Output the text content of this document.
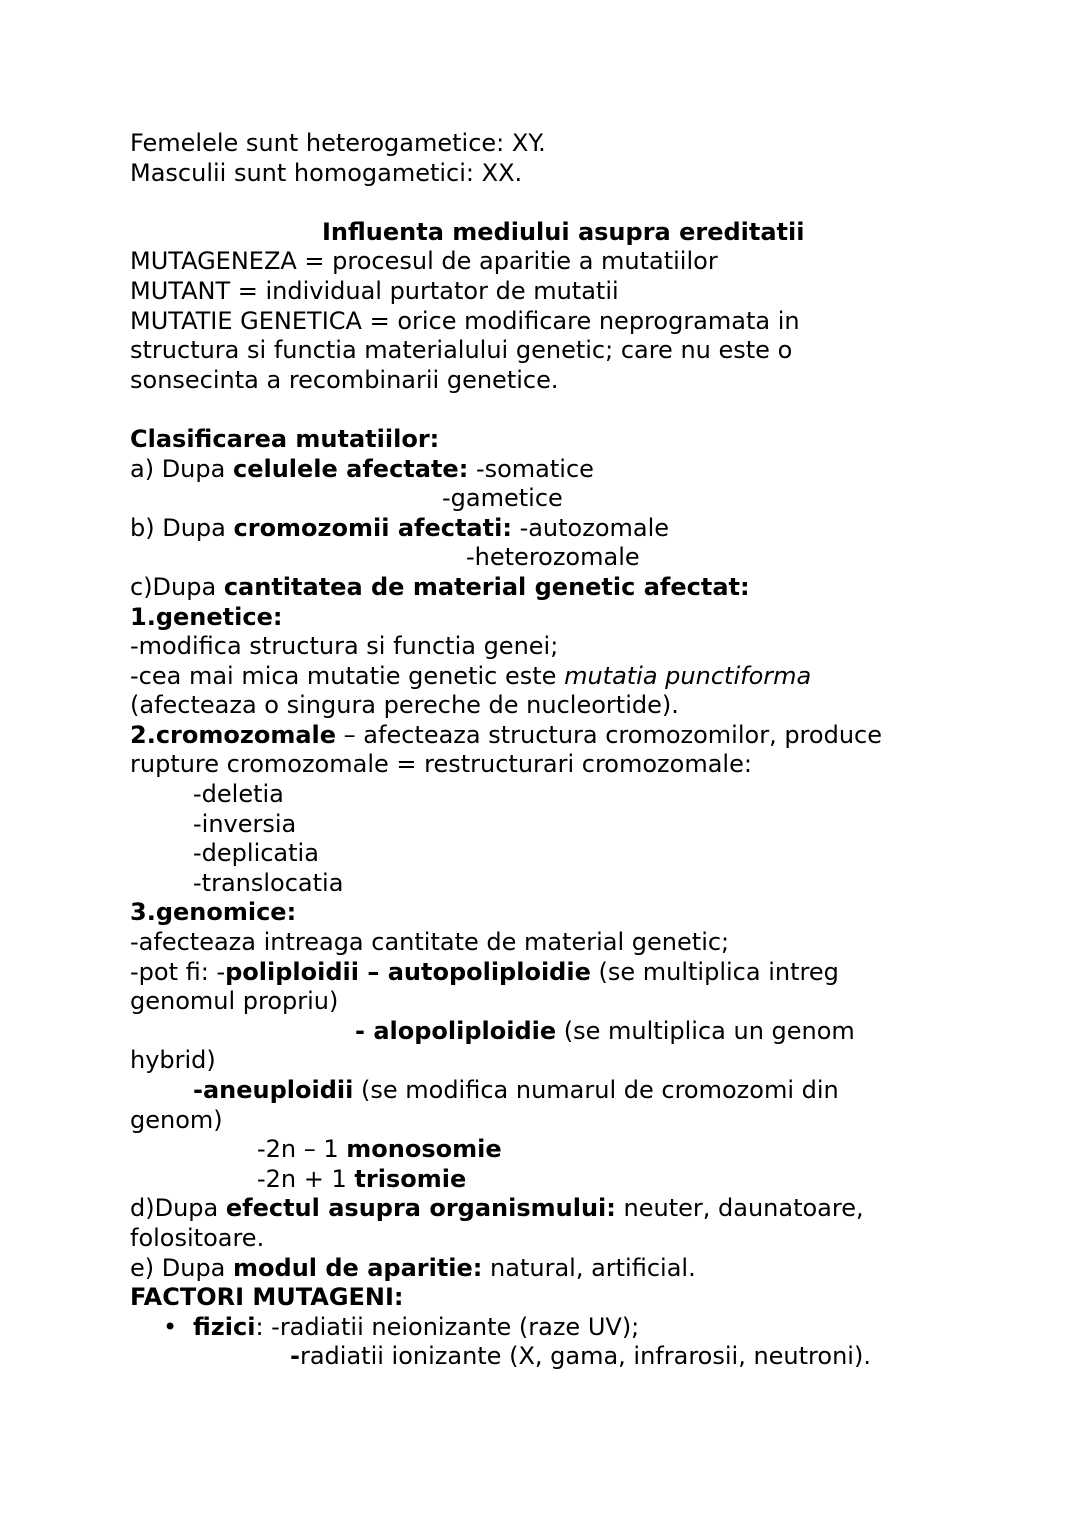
Femelele sunt heterogametice: XY.
Masculii sunt homogametici: XX.
Influenta mediului asupra ereditatii
MUTAGENEZA = procesul de aparitie a mutatiilor
MUTANT = individual purtator de mutatii
MUTATIE GENETICA = orice modificare neprogramata in
structura si functia materialului genetic; care nu este o
sonsecinta a recombinarii genetice.
Clasificarea mutatiilor:
a) Dupa celulele afectate: -somatice
-gametice
b) Dupa cromozomii afectati: -autozomale
-heterozomale
c)Dupa cantitatea de material genetic afectat:
1.genetice:
-modifica structura si functia genei;
-cea mai mica mutatie genetic este mutatia punctiforma
(afecteaza o singura pereche de nucleortide).
2.cromozomale – afecteaza structura cromozomilor, produce
rupture cromozomale = restructurari cromozomale:
-deletia
-inversia
-deplicatia
-translocatia
3.genomice:
-afecteaza intreaga cantitate de material genetic;
-pot fi: -poliploidii – autopoliploidie (se multiplica intreg
genomul propriu)
- alopoliploidie (se multiplica un genom
hybrid)
-aneuploidii (se modifica numarul de cromozomi din
genom)
-2n – 1 monosomie
-2n + 1 trisomie
d)Dupa efectul asupra organismului: neuter, daunatoare,
folositoare.
e) Dupa modul de aparitie: natural, artificial.
FACTORI MUTAGENI:
• fizici: -radiatii neionizante (raze UV);
-radiatii ionizante (X, gama, infrarosii, neutroni).
